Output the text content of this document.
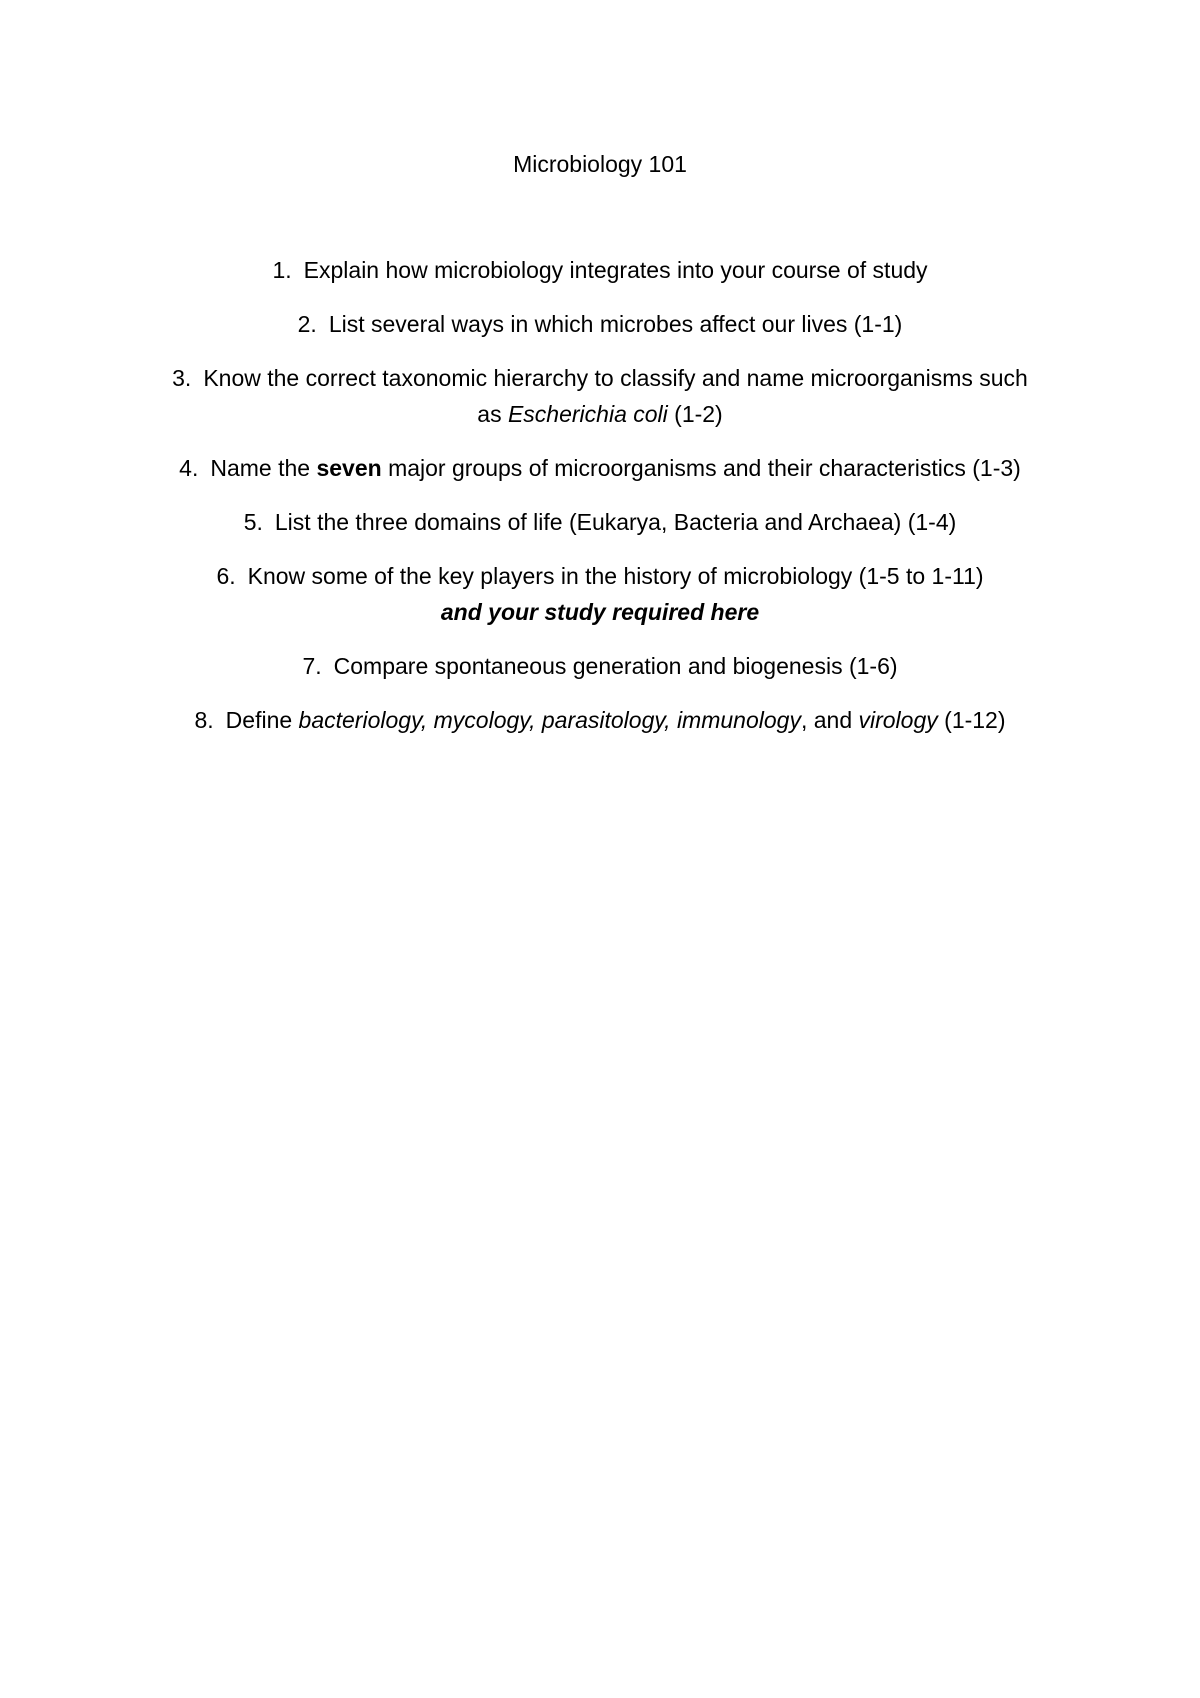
Microbiology 101
1. Explain how microbiology integrates into your course of study
2. List several ways in which microbes affect our lives (1-1)
3. Know the correct taxonomic hierarchy to classify and name microorganisms such as Escherichia coli (1-2)
4. Name the seven major groups of microorganisms and their characteristics (1-3)
5. List the three domains of life (Eukarya, Bacteria and Archaea) (1-4)
6. Know some of the key players in the history of microbiology (1-5 to 1-11)
and your study required here
7. Compare spontaneous generation and biogenesis (1-6)
8. Define bacteriology, mycology, parasitology, immunology, and virology (1-12)
